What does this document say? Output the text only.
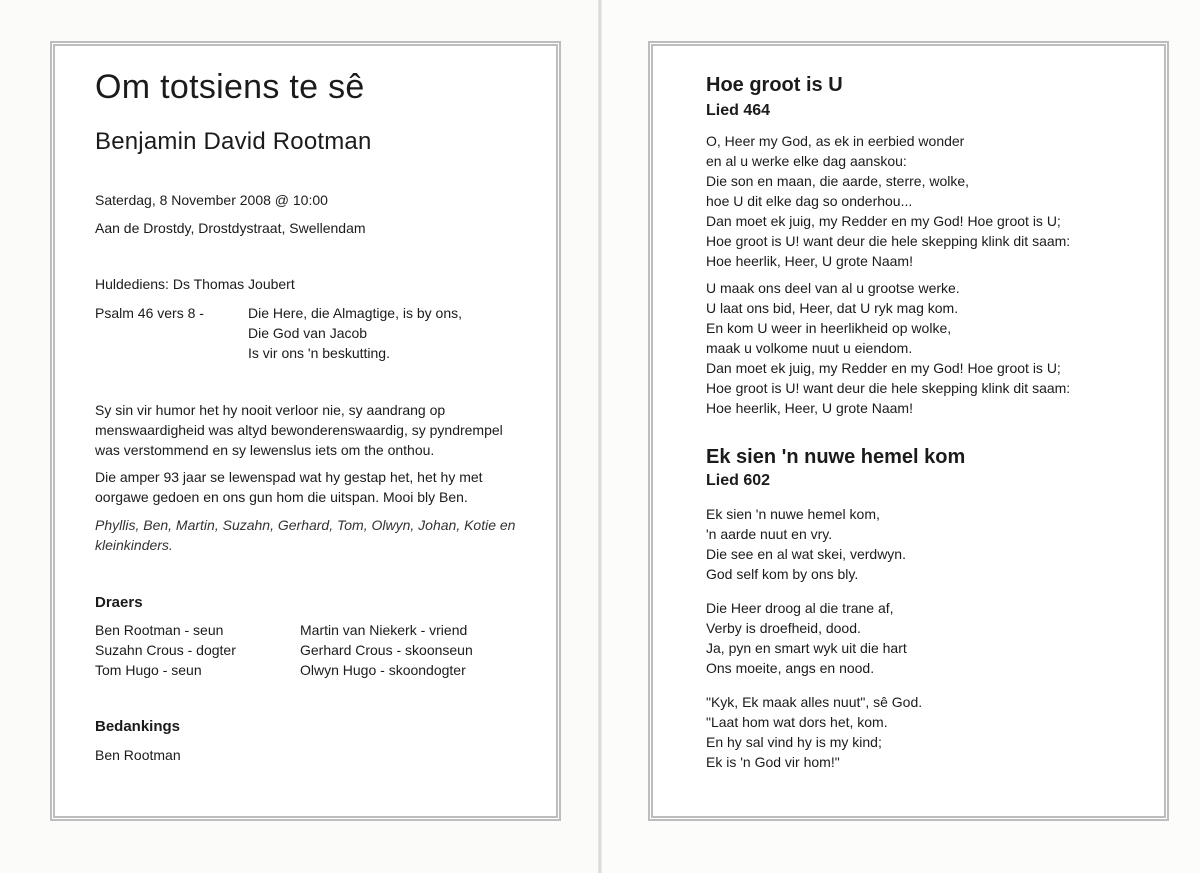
Om totsiens te sê
Benjamin David Rootman
Saterdag, 8 November 2008 @ 10:00
Aan de Drostdy, Drostdystraat, Swellendam
Huldediens: Ds Thomas Joubert
Psalm 46 vers 8 -	Die Here, die Almagtige, is by ons,
Die God van Jacob
Is vir ons 'n beskutting.
Sy sin vir humor het hy nooit verloor nie, sy aandrang op
menswaardigheid was altyd bewonderenswaardig, sy pyndrempel
was verstommend en sy lewenslus iets om the onthou.
Die amper 93 jaar se lewenspad wat hy gestap het, het hy met
oorgawe gedoen en ons gun hom die uitspan. Mooi bly Ben.
Phyllis, Ben, Martin, Suzahn, Gerhard, Tom, Olwyn, Johan, Kotie en
kleinkinders.
Draers
Ben Rootman - seun
Suzahn Crous - dogter
Tom Hugo - seun
Martin van Niekerk - vriend
Gerhard Crous - skoonseun
Olwyn Hugo - skoondogter
Bedankings
Ben Rootman
Hoe groot is U
Lied 464
O, Heer my God, as ek in eerbied wonder
en al u werke elke dag aanskou:
Die son en maan, die aarde, sterre, wolke,
hoe U dit elke dag so onderhou...
Dan moet ek juig, my Redder en my God! Hoe groot is U;
Hoe groot is U! want deur die hele skepping klink dit saam:
Hoe heerlik, Heer, U grote Naam!
U maak ons deel van al u grootse werke.
U laat ons bid, Heer, dat U ryk mag kom.
En kom U weer in heerlikheid op wolke,
maak u volkome nuut u eiendom.
Dan moet ek juig, my Redder en my God! Hoe groot is U;
Hoe groot is U! want deur die hele skepping klink dit saam:
Hoe heerlik, Heer, U grote Naam!
Ek sien 'n nuwe hemel kom
Lied 602
Ek sien 'n nuwe hemel kom,
'n aarde nuut en vry.
Die see en al wat skei, verdwyn.
God self kom by ons bly.
Die Heer droog al die trane af,
Verby is droefheid, dood.
Ja, pyn en smart wyk uit die hart
Ons moeite, angs en nood.
"Kyk, Ek maak alles nuut", sê God.
"Laat hom wat dors het, kom.
En hy sal vind hy is my kind;
Ek is 'n God vir hom!"
